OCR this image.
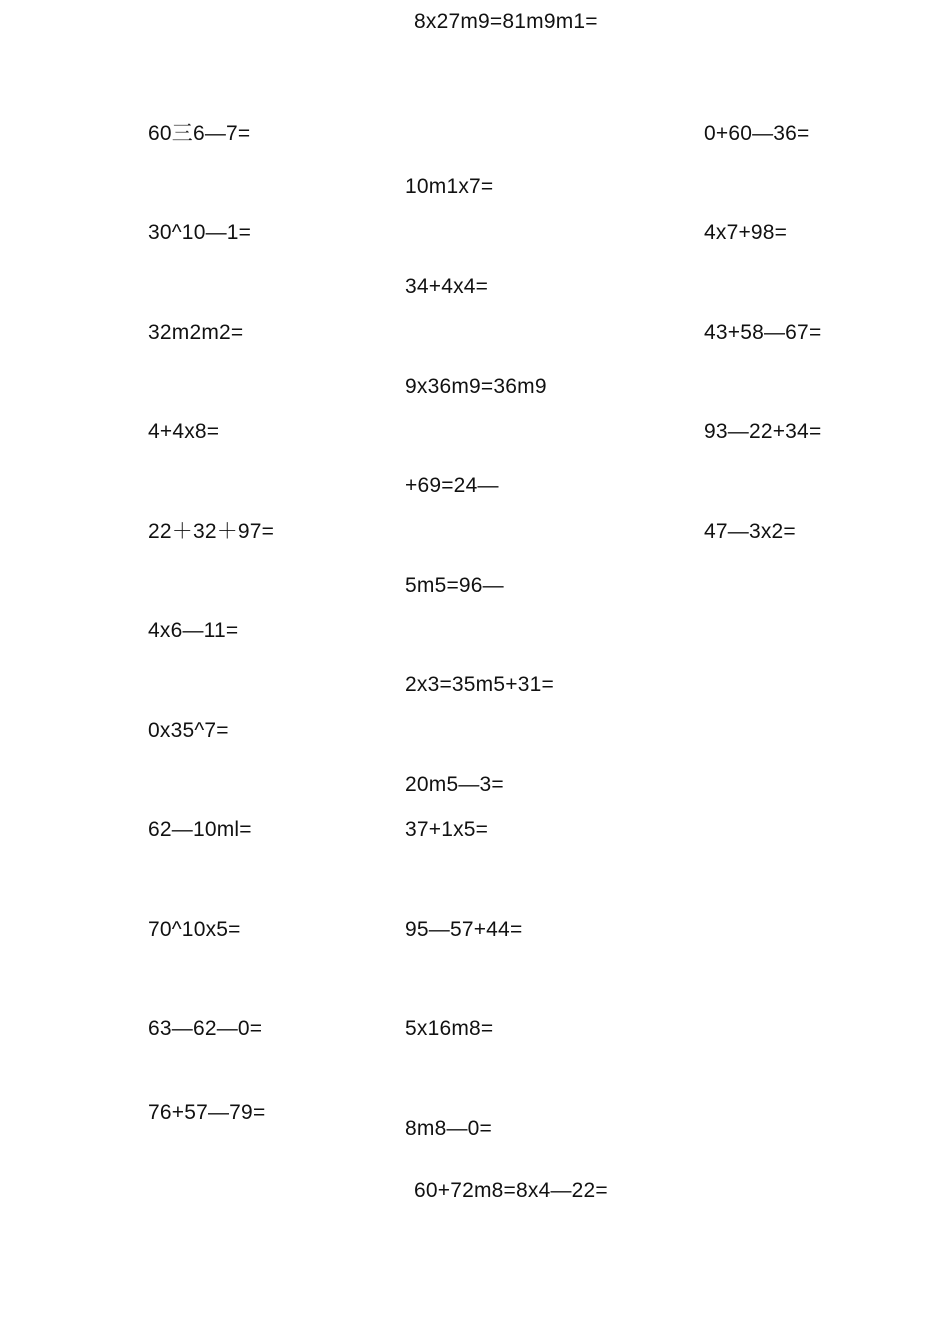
8x27m9=81m9m1=
60三6—7=
30^10—1=
32m2m2=
4+4x8=
22＋32＋97=
4x6—11=
0x35^7=
62—10ml=
70^10x5=
63—62—0=
76+57—79=
10m1x7=
34+4x4=
9x36m9=36m9
+69=24—
5m5=96—
2x3=35m5+31=
20m5—3=
37+1x5=
95—57+44=
5x16m8=
8m8—0=
0+60—36=
4x7+98=
43+58—67=
93—22+34=
47—3x2=
60+72m8=8x4—22=
